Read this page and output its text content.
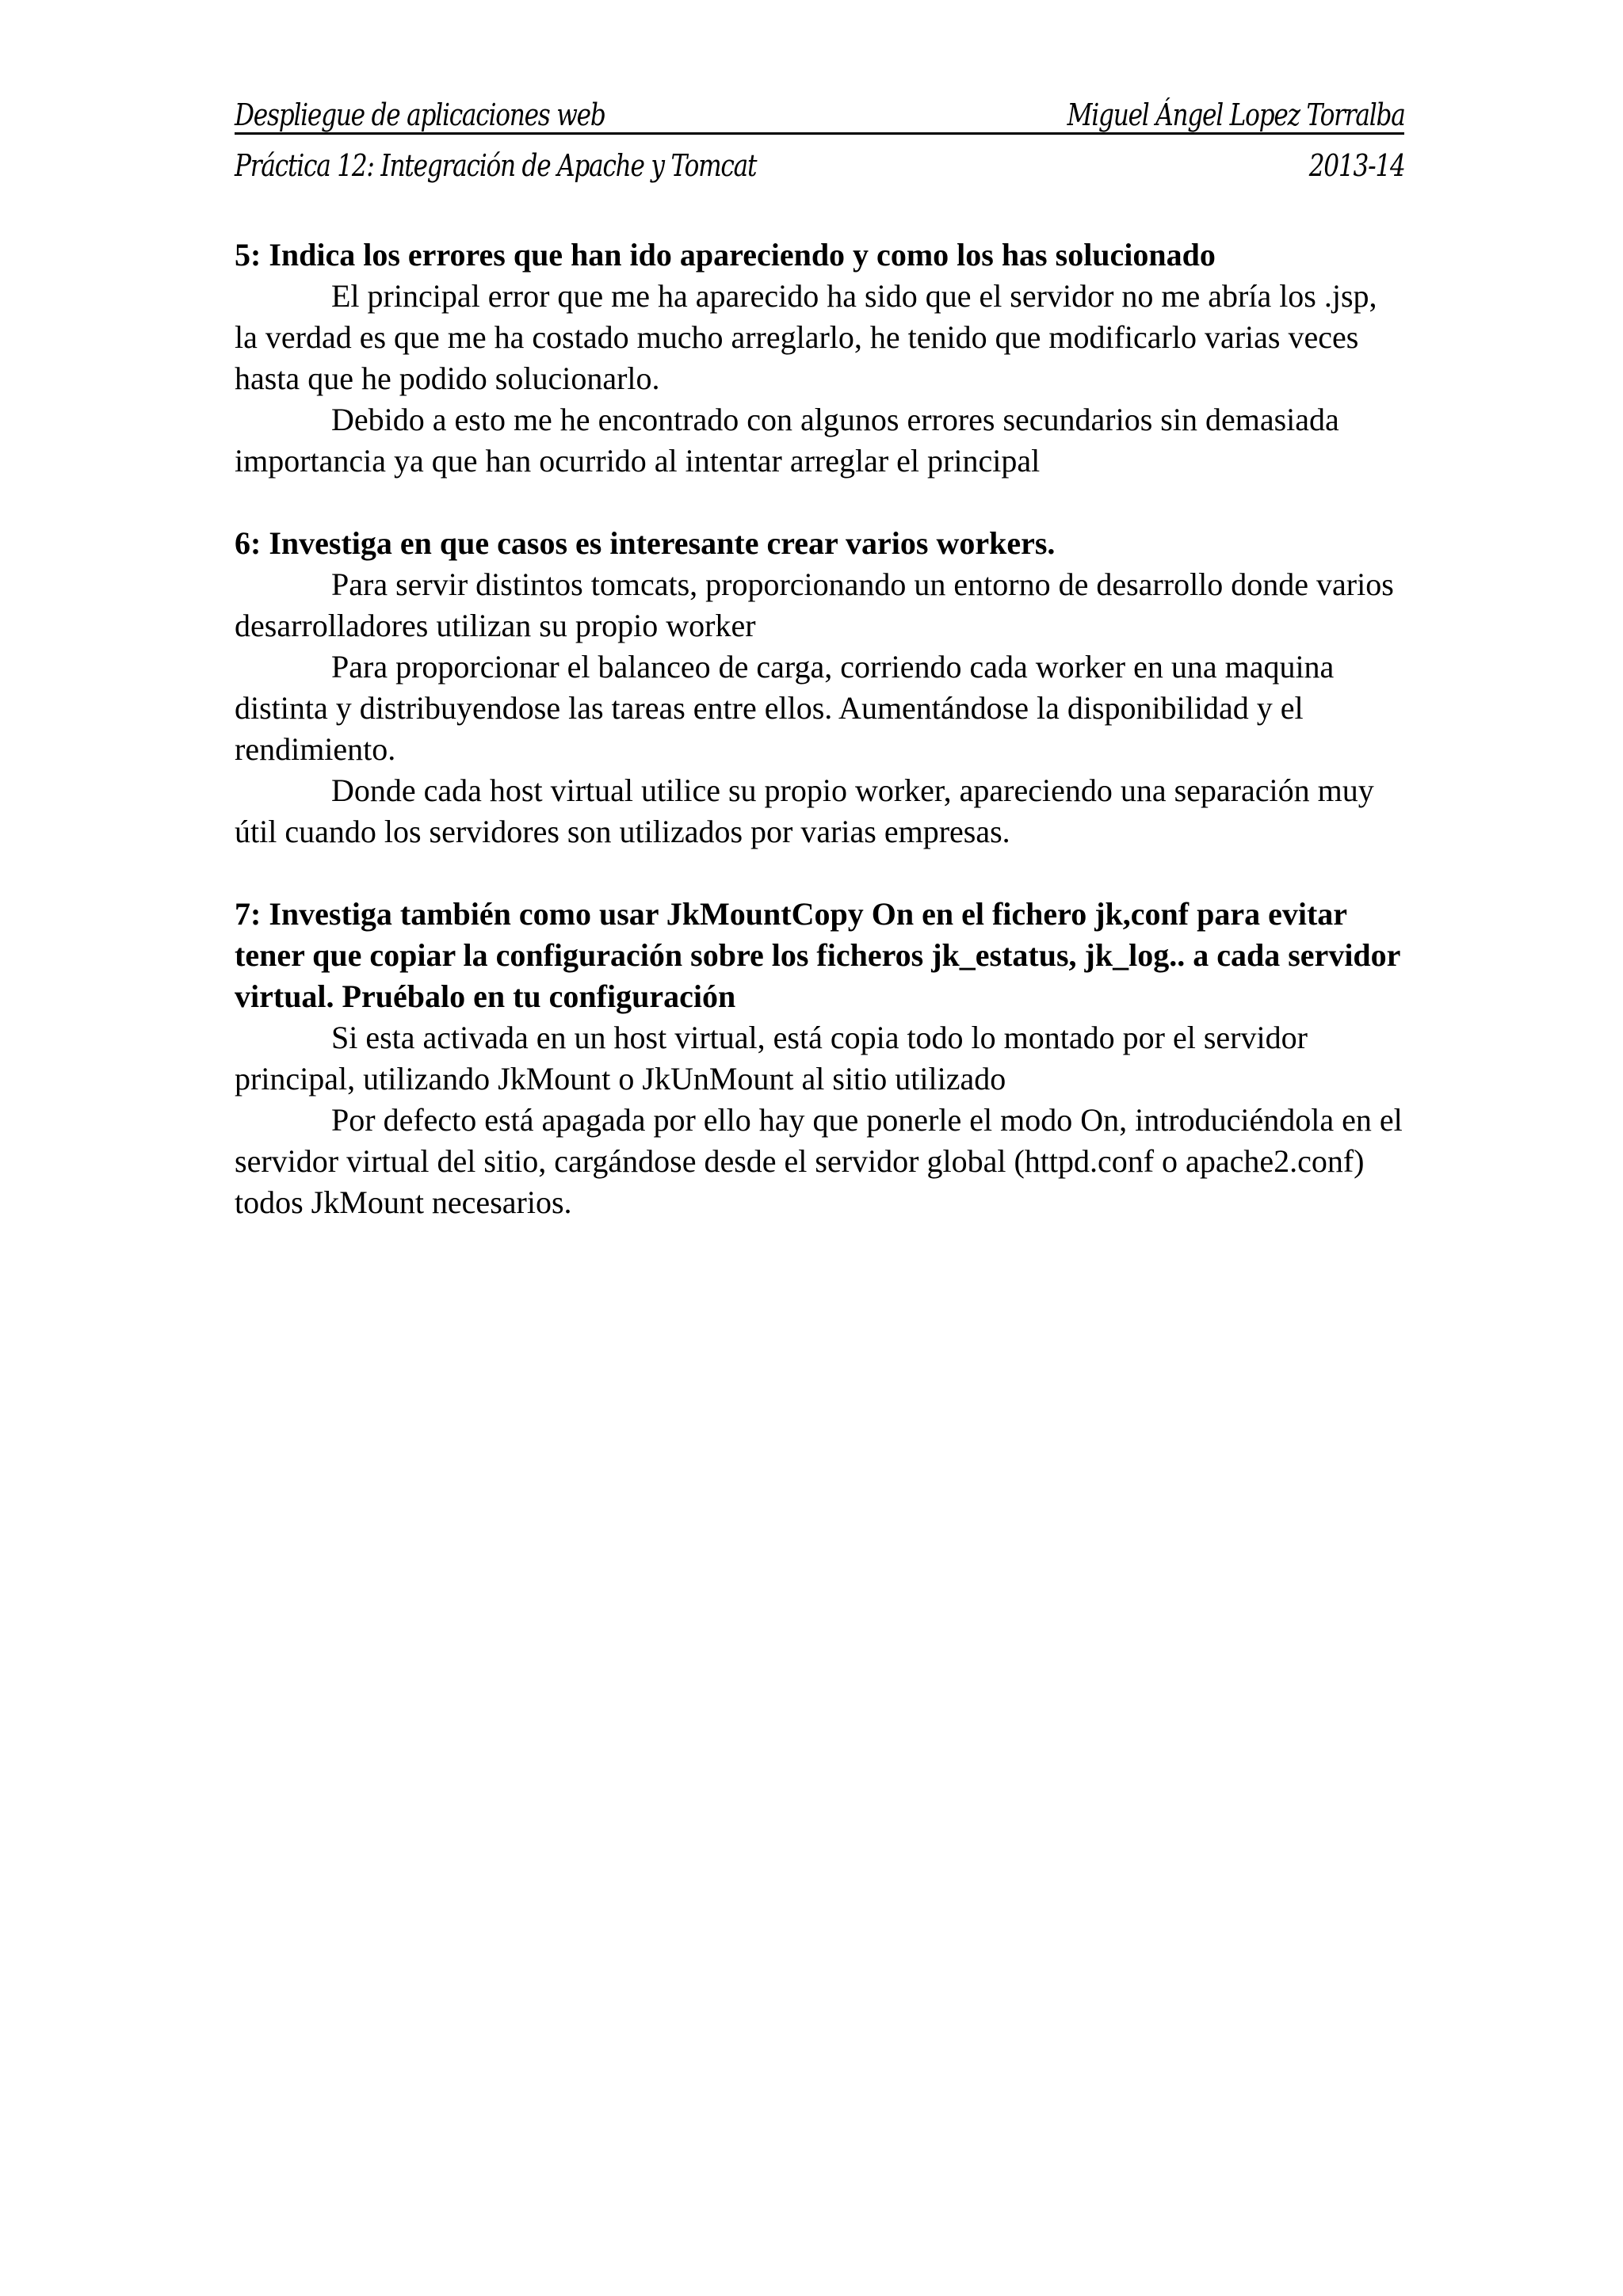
Despliegue de aplicaciones web	Miguel Ángel Lopez Torralba
Práctica 12: Integración de Apache y Tomcat	2013-14

5: Indica los errores que han ido apareciendo y como los has solucionado

El principal error que me ha aparecido ha sido que el servidor no me abría los .jsp, la verdad es que me ha costado mucho arreglarlo, he tenido que modificarlo varias veces hasta que he podido solucionarlo.

Debido a esto me he encontrado con algunos errores secundarios sin demasiada importancia ya que han ocurrido al intentar arreglar el principal

6: Investiga en que casos es interesante crear varios workers.

Para servir distintos tomcats, proporcionando un entorno de desarrollo donde varios desarrolladores utilizan su propio worker

Para proporcionar el balanceo de carga, corriendo cada worker en una maquina distinta y distribuyendose las tareas entre ellos. Aumentándose la disponibilidad y el rendimiento.

Donde cada host virtual utilice su propio worker, apareciendo una separación muy útil cuando los servidores son utilizados por varias empresas.

7: Investiga también como usar JkMountCopy On en el fichero jk,conf para evitar tener que copiar la configuración sobre los ficheros jk_estatus, jk_log.. a cada servidor virtual. Pruébalo en tu configuración

Si esta activada en un host virtual, está copia todo lo montado por el servidor principal, utilizando JkMount o JkUnMount al sitio utilizado

Por defecto está apagada por ello hay que ponerle el modo On, introduciéndola en el servidor virtual del sitio, cargándose desde el servidor global (httpd.conf o apache2.conf) todos JkMount necesarios.
